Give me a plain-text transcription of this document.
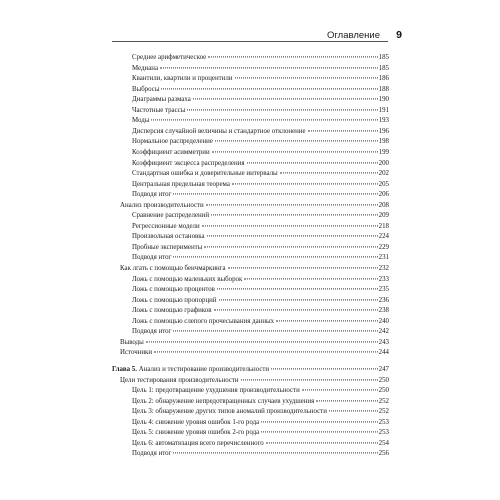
Оглавление 9
Среднее арифметическое	185
Медиана	185
Квантили, квартили и процентили	186
Выбросы	188
Диаграммы размаха	190
Частотные трассы	191
Моды	193
Дисперсия случайной величины и стандартное отклонение	196
Нормальное распределение	198
Коэффициент асимметрии	199
Коэффициент эксцесса распределения	200
Стандартная ошибка и доверительные интервалы	202
Центральная предельная теорема	205
Подводя итог	206
Анализ производительности	208
Сравнение распределений	209
Регрессионные модели	218
Произвольная остановка	224
Пробные эксперименты	229
Подводя итог	231
Как лгать с помощью бенчмаркинга	232
Ложь с помощью маленьких выборок	233
Ложь с помощью процентов	235
Ложь с помощью пропорций	236
Ложь с помощью графиков	238
Ложь с помощью слепого прочесывания данных	240
Подводя итог	242
Выводы	243
Источники	244
Глава 5. Анализ и тестирование производительности	247
Цели тестирования производительности	250
Цель 1: предотвращение ухудшения производительности	250
Цель 2: обнаружение непредотвращенных случаев ухудшения	252
Цель 3: обнаружение других типов аномалий производительности	252
Цель 4: снижение уровня ошибок 1-го рода	253
Цель 5: снижение уровня ошибок 2-го рода	253
Цель 6: автоматизация всего перечисленного	254
Подводя итог	256
